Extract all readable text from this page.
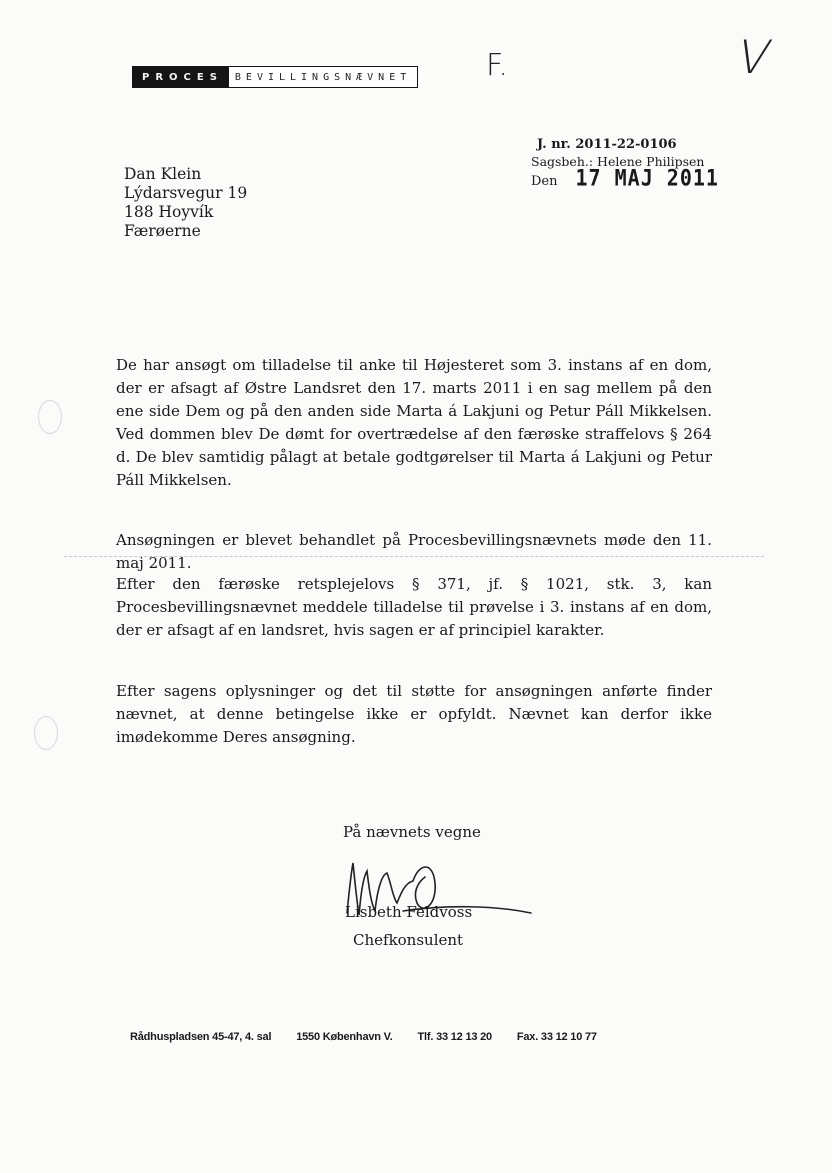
PROCES	BEVILLINGSNÆVNET F.	V
J. nr. 2011-22-0106
Sagsbeh.: Helene Philipsen
Den 17 MAJ 2011
Dan Klein
Lýdarsvegur 19
188 Hoyvík
Færøerne
De har ansøgt om tilladelse til anke til Højesteret som 3. instans af en dom, der er afsagt af Østre Landsret den 17. marts 2011 i en sag mellem på den ene side Dem og på den anden side Marta á Lakjuni og Petur Páll Mikkelsen. Ved dommen blev De dømt for overtrædelse af den færøske straffelovs § 264 d. De blev samtidig pålagt at betale godtgørelser til Marta á Lakjuni og Petur Páll Mikkelsen.
Ansøgningen er blevet behandlet på Procesbevillingsnævnets møde den 11. maj 2011.
Efter den færøske retsplejelovs § 371, jf. § 1021, stk. 3, kan Procesbevillingsnævnet meddele tilladelse til prøvelse i 3. instans af en dom, der er afsagt af en landsret, hvis sagen er af principiel karakter.
Efter sagens oplysninger og det til støtte for ansøgningen anførte finder nævnet, at denne betingelse ikke er opfyldt. Nævnet kan derfor ikke imødekomme Deres ansøgning.
På nævnets vegne
Lisbeth Feldvoss
Chefkonsulent
Rådhuspladsen 45-47, 4. sal 1550 København V. Tlf. 33 12 13 20 Fax. 33 12 10 77
